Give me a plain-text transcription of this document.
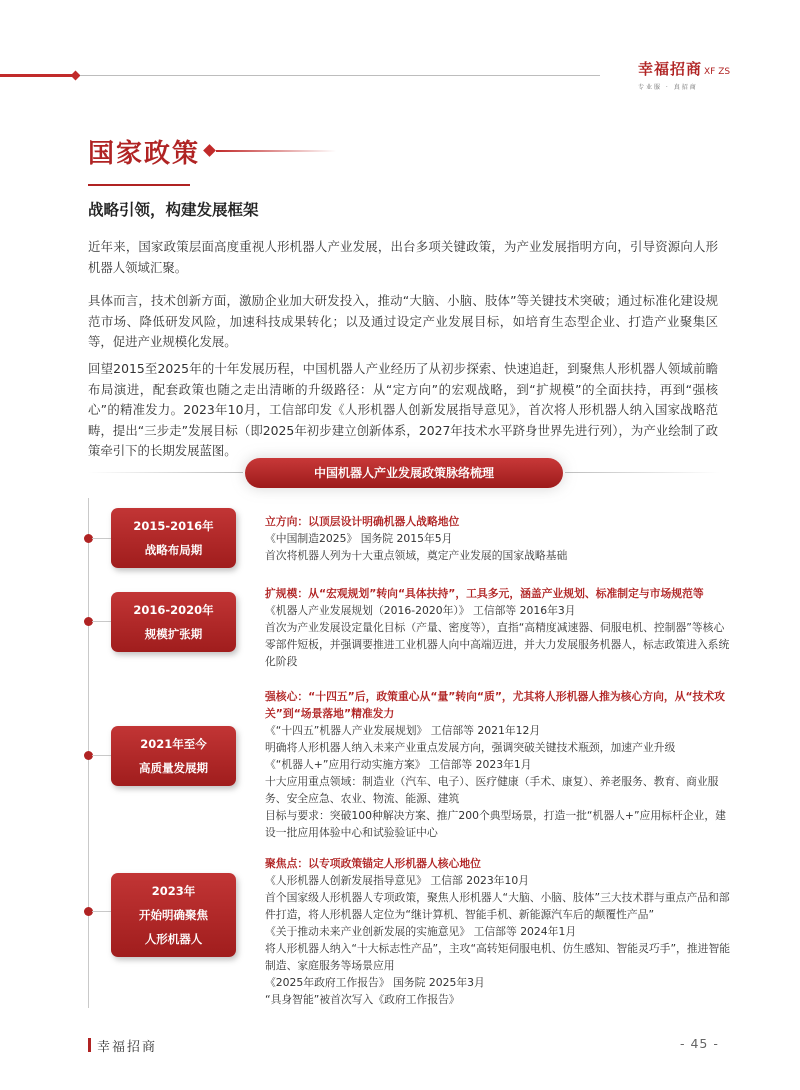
幸福招商 XF ZS
专业服 · 真招商
国家政策
战略引领，构建发展框架

近年来，国家政策层面高度重视人形机器人产业发展，出台多项关键政策，为产业发展指明方向，引导资源向人形机器人领域汇聚。

具体而言，技术创新方面，激励企业加大研发投入，推动“大脑、小脑、肢体”等关键技术突破；通过标准化建设规范市场、降低研发风险，加速科技成果转化；以及通过设定产业发展目标，如培育生态型企业、打造产业聚集区等，促进产业规模化发展。

回望2015至2025年的十年发展历程，中国机器人产业经历了从初步探索、快速追赶，到聚焦人形机器人领域前瞻布局演进，配套政策也随之走出清晰的升级路径：从“定方向”的宏观战略，到“扩规模”的全面扶持，再到“强核心”的精准发力。2023年10月，工信部印发《人形机器人创新发展指导意见》，首次将人形机器人纳入国家战略范畴，提出“三步走”发展目标（即2025年初步建立创新体系，2027年技术水平跻身世界先进行列），为产业绘制了政策牵引下的长期发展蓝图。

中国机器人产业发展政策脉络梳理
2015-2016年
战略布局期
立方向：以顶层设计明确机器人战略地位
《中国制造2025》 国务院 2015年5月
首次将机器人列为十大重点领域，奠定产业发展的国家战略基础
2016-2020年
规模扩张期
扩规模：从“宏观规划”转向“具体扶持”，工具多元，涵盖产业规划、标准制定与市场规范等
《机器人产业发展规划（2016-2020年）》 工信部等 2016年3月
首次为产业发展设定量化目标（产量、密度等），直指“高精度减速器、伺服电机、控制器”等核心零部件短板，并强调要推进工业机器人向中高端迈进，并大力发展服务机器人，标志政策进入系统化阶段
2021年至今
高质量发展期
强核心：“十四五”后，政策重心从“量”转向“质”，尤其将人形机器人推为核心方向，从“技术攻关”到“场景落地”精准发力
《“十四五”机器人产业发展规划》 工信部等 2021年12月
明确将人形机器人纳入未来产业重点发展方向，强调突破关键技术瓶颈，加速产业升级
《“机器人+”应用行动实施方案》 工信部等 2023年1月
十大应用重点领域：制造业（汽车、电子）、医疗健康（手术、康复）、养老服务、教育、商业服务、安全应急、农业、物流、能源、建筑
目标与要求：突破100种解决方案、推广200个典型场景，打造一批“机器人+”应用标杆企业，建设一批应用体验中心和试验验证中心
2023年
开始明确聚焦
人形机器人
聚焦点：以专项政策锚定人形机器人核心地位
《人形机器人创新发展指导意见》 工信部 2023年10月
首个国家级人形机器人专项政策，聚焦人形机器人“大脑、小脑、肢体”三大技术群与重点产品和部件打造，将人形机器人定位为“继计算机、智能手机、新能源汽车后的颠覆性产品”
《关于推动未来产业创新发展的实施意见》 工信部等 2024年1月
将人形机器人纳入“十大标志性产品”，主攻“高转矩伺服电机、仿生感知、智能灵巧手”，推进智能制造、家庭服务等场景应用
《2025年政府工作报告》 国务院 2025年3月
“具身智能”被首次写入《政府工作报告》
幸福招商	- 45 -
